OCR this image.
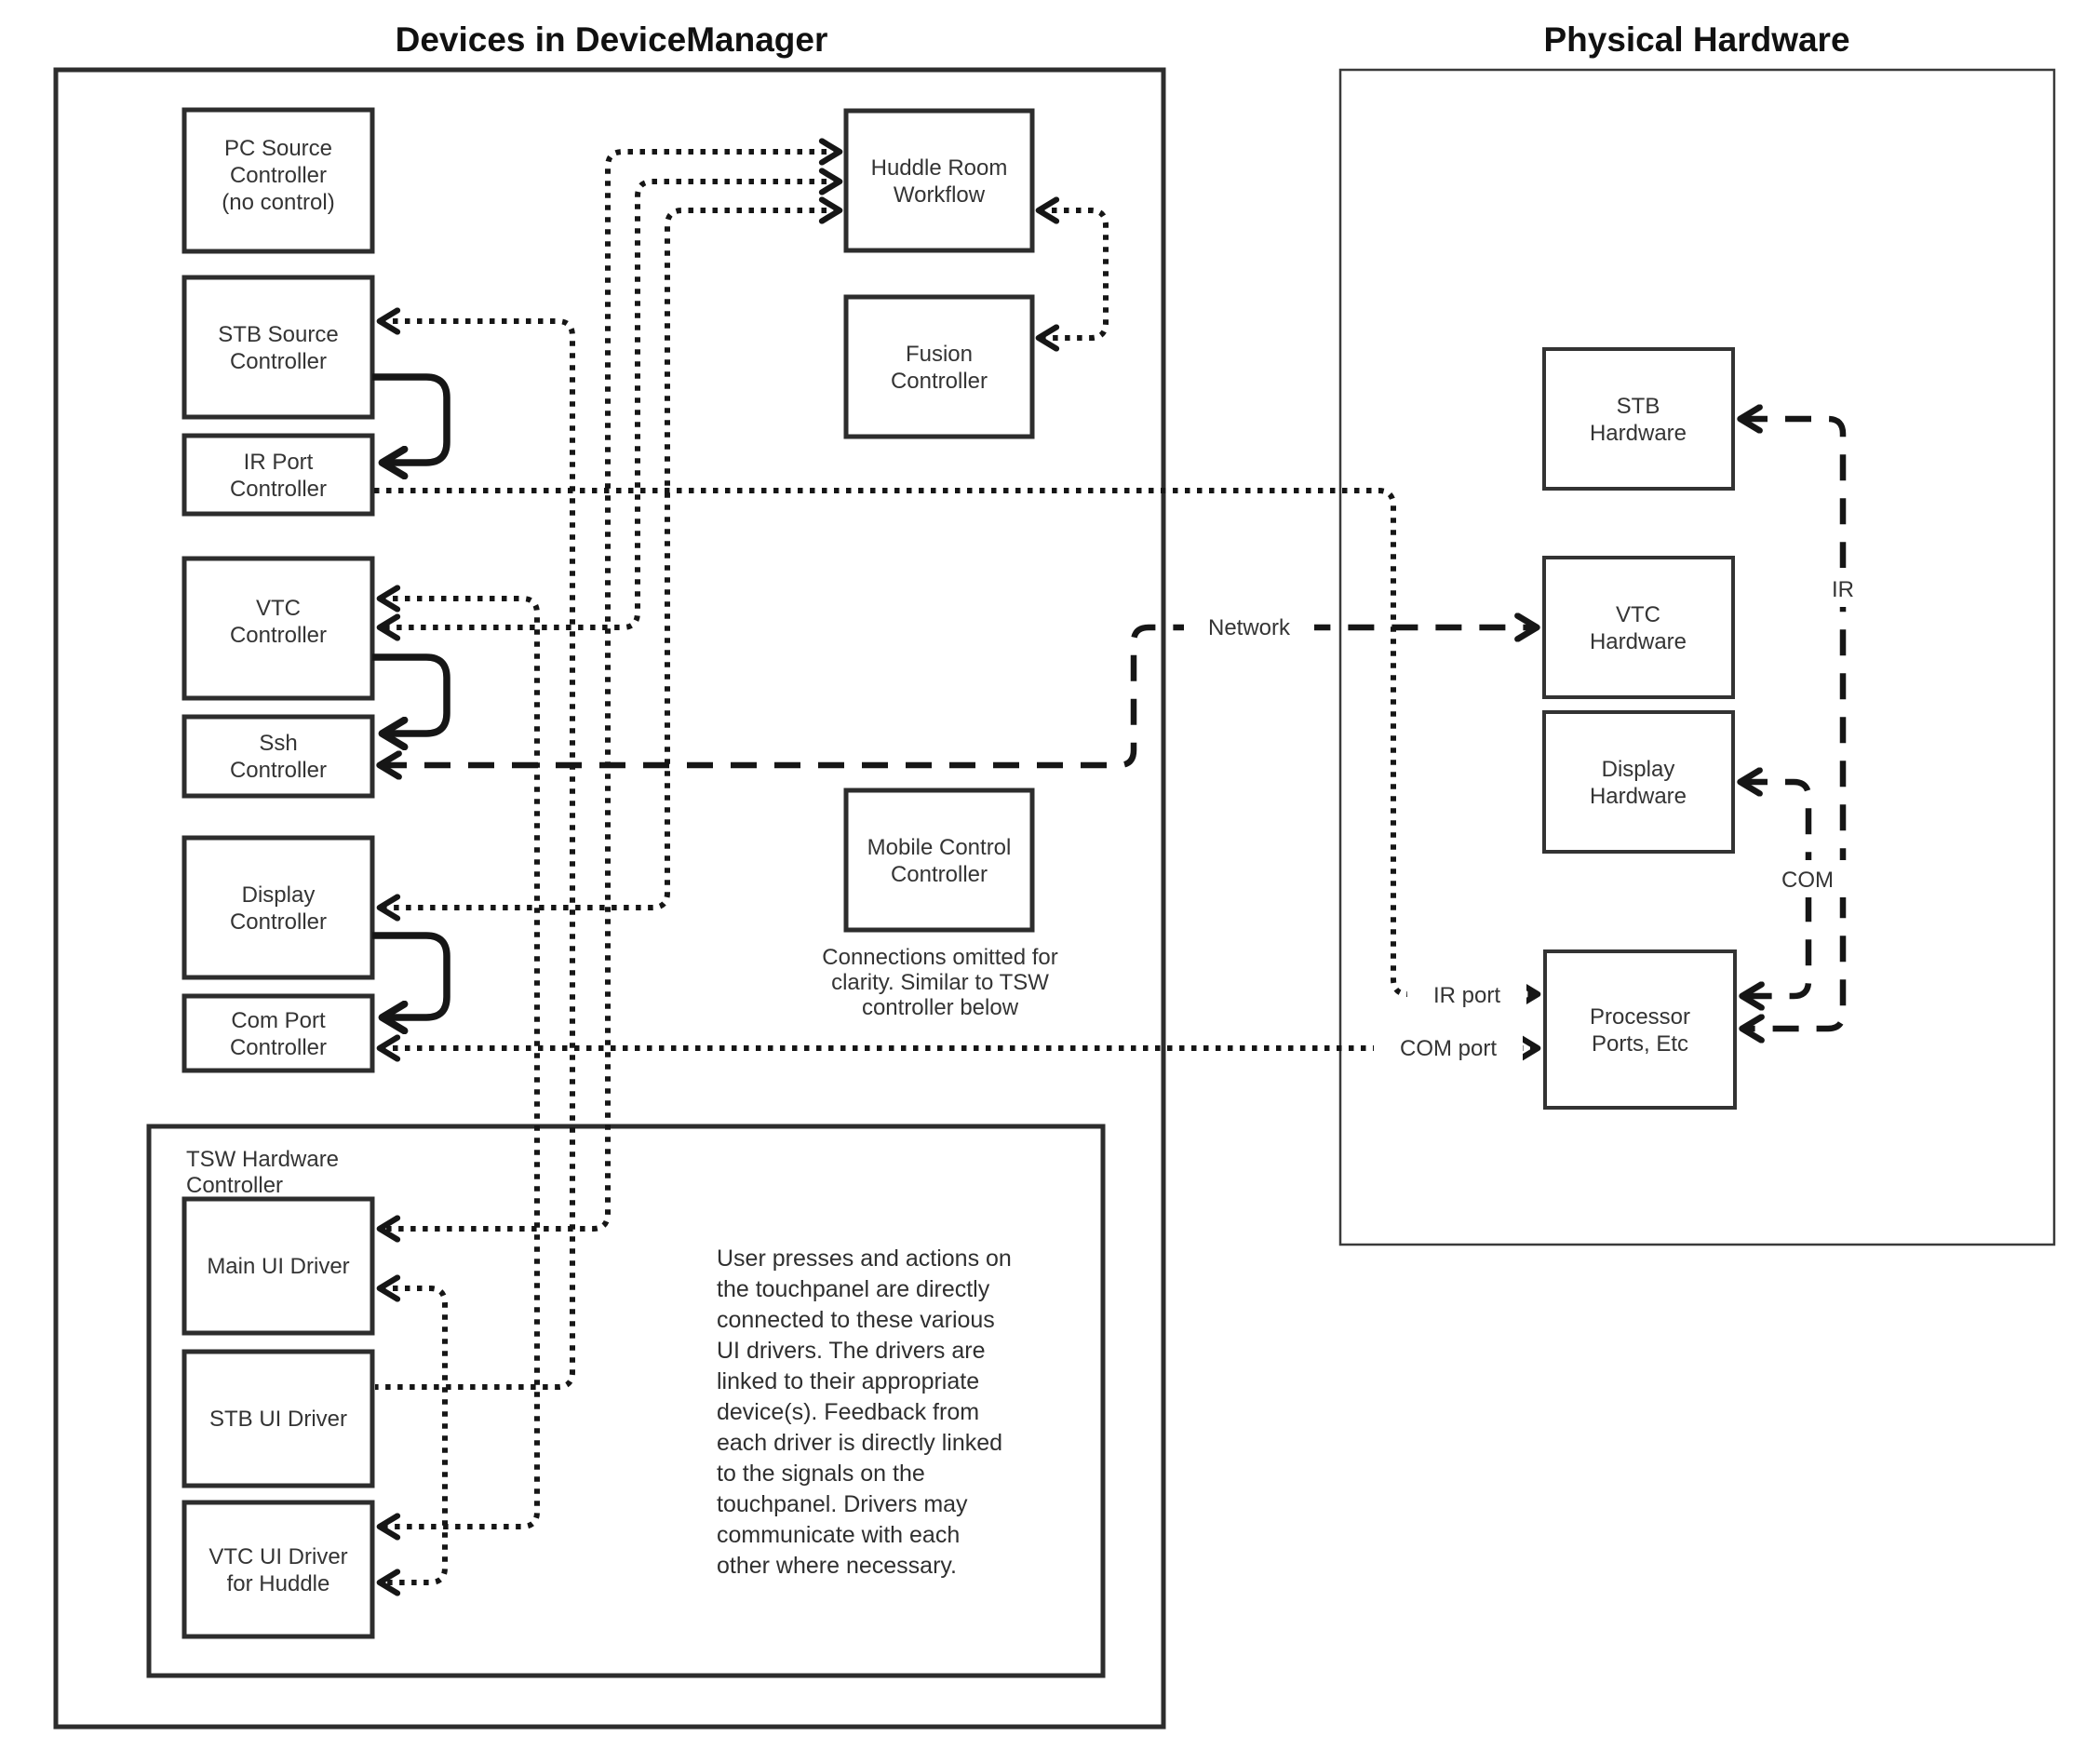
Devices in DeviceManager	Physical Hardware
Network
IR
COM
IR port
COM port
PC Source
Controller
(no control)
STB Source
Controller
IR Port
Controller
VTC
Controller
Ssh
Controller
Display
Controller
Com Port
Controller
TSW Hardware
Controller
Main UI Driver
STB UI Driver
VTC UI Driver
for Huddle
Huddle Room
Workflow
Fusion
Controller
Mobile Control
Controller
Connections omitted for
clarity. Similar to TSW
controller below
STB
Hardware
VTC
Hardware
Display
Hardware
Processor
Ports, Etc
User presses and actions on
the touchpanel are directly
connected to these various
UI drivers. The drivers are
linked to their appropriate
device(s). Feedback from
each driver is directly linked
to the signals on the
touchpanel. Drivers may
communicate with each
other where necessary.
